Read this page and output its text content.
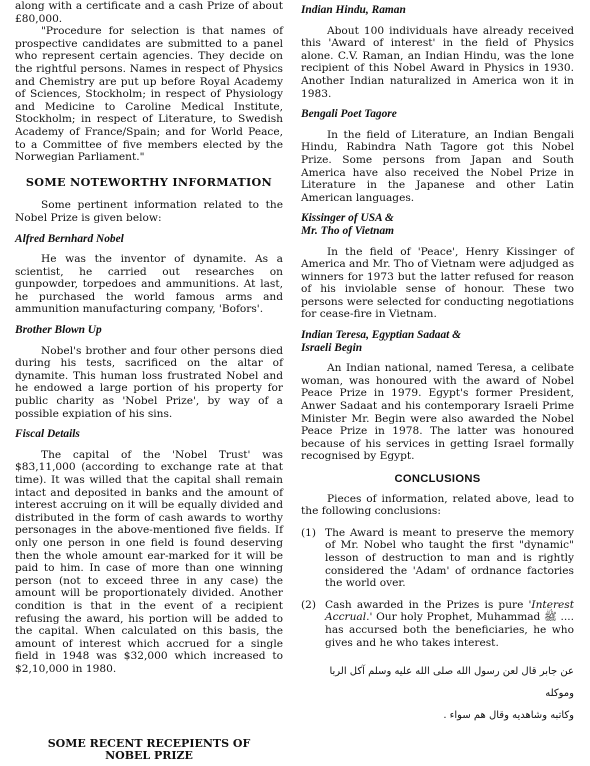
along with a certificate and a cash Prize of about £80,000.

"Procedure for selection is that names of prospective candidates are submitted to a panel who represent certain agencies. They decide on the rightful persons. Names in respect of Physics and Chemistry are put up before Royal Academy of Sciences, Stockholm; in respect of Physiology and Medicine to Caroline Medical Institute, Stockholm; in respect of Literature, to Swedish Academy of France/Spain; and for World Peace, to a Committee of five members elected by the Norwegian Parliament."

SOME NOTEWORTHY INFORMATION

Some pertinent information related to the Nobel Prize is given below:

Alfred Bernhard Nobel

He was the inventor of dynamite. As a scientist, he carried out researches on gunpowder, torpedoes and ammunitions. At last, he purchased the world famous arms and ammunition manufacturing company, 'Bofors'.

Brother Blown Up

Nobel's brother and four other persons died during his tests, sacrificed on the altar of dynamite. This human loss frustrated Nobel and he endowed a large portion of his property for public charity as 'Nobel Prize', by way of a possible expiation of his sins.

Fiscal Details

The capital of the 'Nobel Trust' was $83,11,000 (according to exchange rate at that time). It was willed that the capital shall remain intact and deposited in banks and the amount of interest accruing on it will be equally divided and distributed in the form of cash awards to worthy personages in the above-mentioned five fields. If only one person in one field is found deserving then the whole amount ear-marked for it will be paid to him. In case of more than one winning person (not to exceed three in any case) the amount will be proportionately divided. Another condition is that in the event of a recipient refusing the award, his portion will be added to the capital. When calculated on this basis, the amount of interest which accrued for a single field in 1948 was $32,000 which increased to $2,10,000 in 1980.

SOME RECENT RECEPIENTS OF
NOBEL PRIZE
Indian Hindu, Raman

About 100 individuals have already received this 'Award of interest' in the field of Physics alone. C.V. Raman, an Indian Hindu, was the lone recipient of this Nobel Award in Physics in 1930. Another Indian naturalized in America won it in 1983.

Bengali Poet Tagore

In the field of Literature, an Indian Bengali Hindu, Rabindra Nath Tagore got this Nobel Prize. Some persons from Japan and South America have also received the Nobel Prize in Literature in the Japanese and other Latin American languages.

Kissinger of USA &
Mr. Tho of Vietnam

In the field of 'Peace', Henry Kissinger of America and Mr. Tho of Vietnam were adjudged as winners for 1973 but the latter refused for reason of his inviolable sense of honour. These two persons were selected for conducting negotiations for cease-fire in Vietnam.

Indian Teresa, Egyptian Sadaat &
Israeli Begin

An Indian national, named Teresa, a celibate woman, was honoured with the award of Nobel Peace Prize in 1979. Egypt's former President, Anwer Sadaat and his contemporary Israeli Prime Minister Mr. Begin were also awarded the Nobel Peace Prize in 1978. The latter was honoured because of his services in getting Israel formally recognised by Egypt.

CONCLUSIONS

Pieces of information, related above, lead to the following conclusions:

(1) The Award is meant to preserve the memory of Mr. Nobel who taught the first "dynamic" lesson of destruction to man and is rightly considered the 'Adam' of ordnance factories the world over.
(2) Cash awarded in the Prizes is pure 'Interest Accrual.' Our holy Prophet, Muhammad ﷺ .... has accursed both the beneficiaries, he who gives and he who takes interest.
عن جابر قال لعن رسول الله صلى الله عليه وسلم آكل الربا وموكله
وكاتبه وشاهديه وقال هم سواء .
